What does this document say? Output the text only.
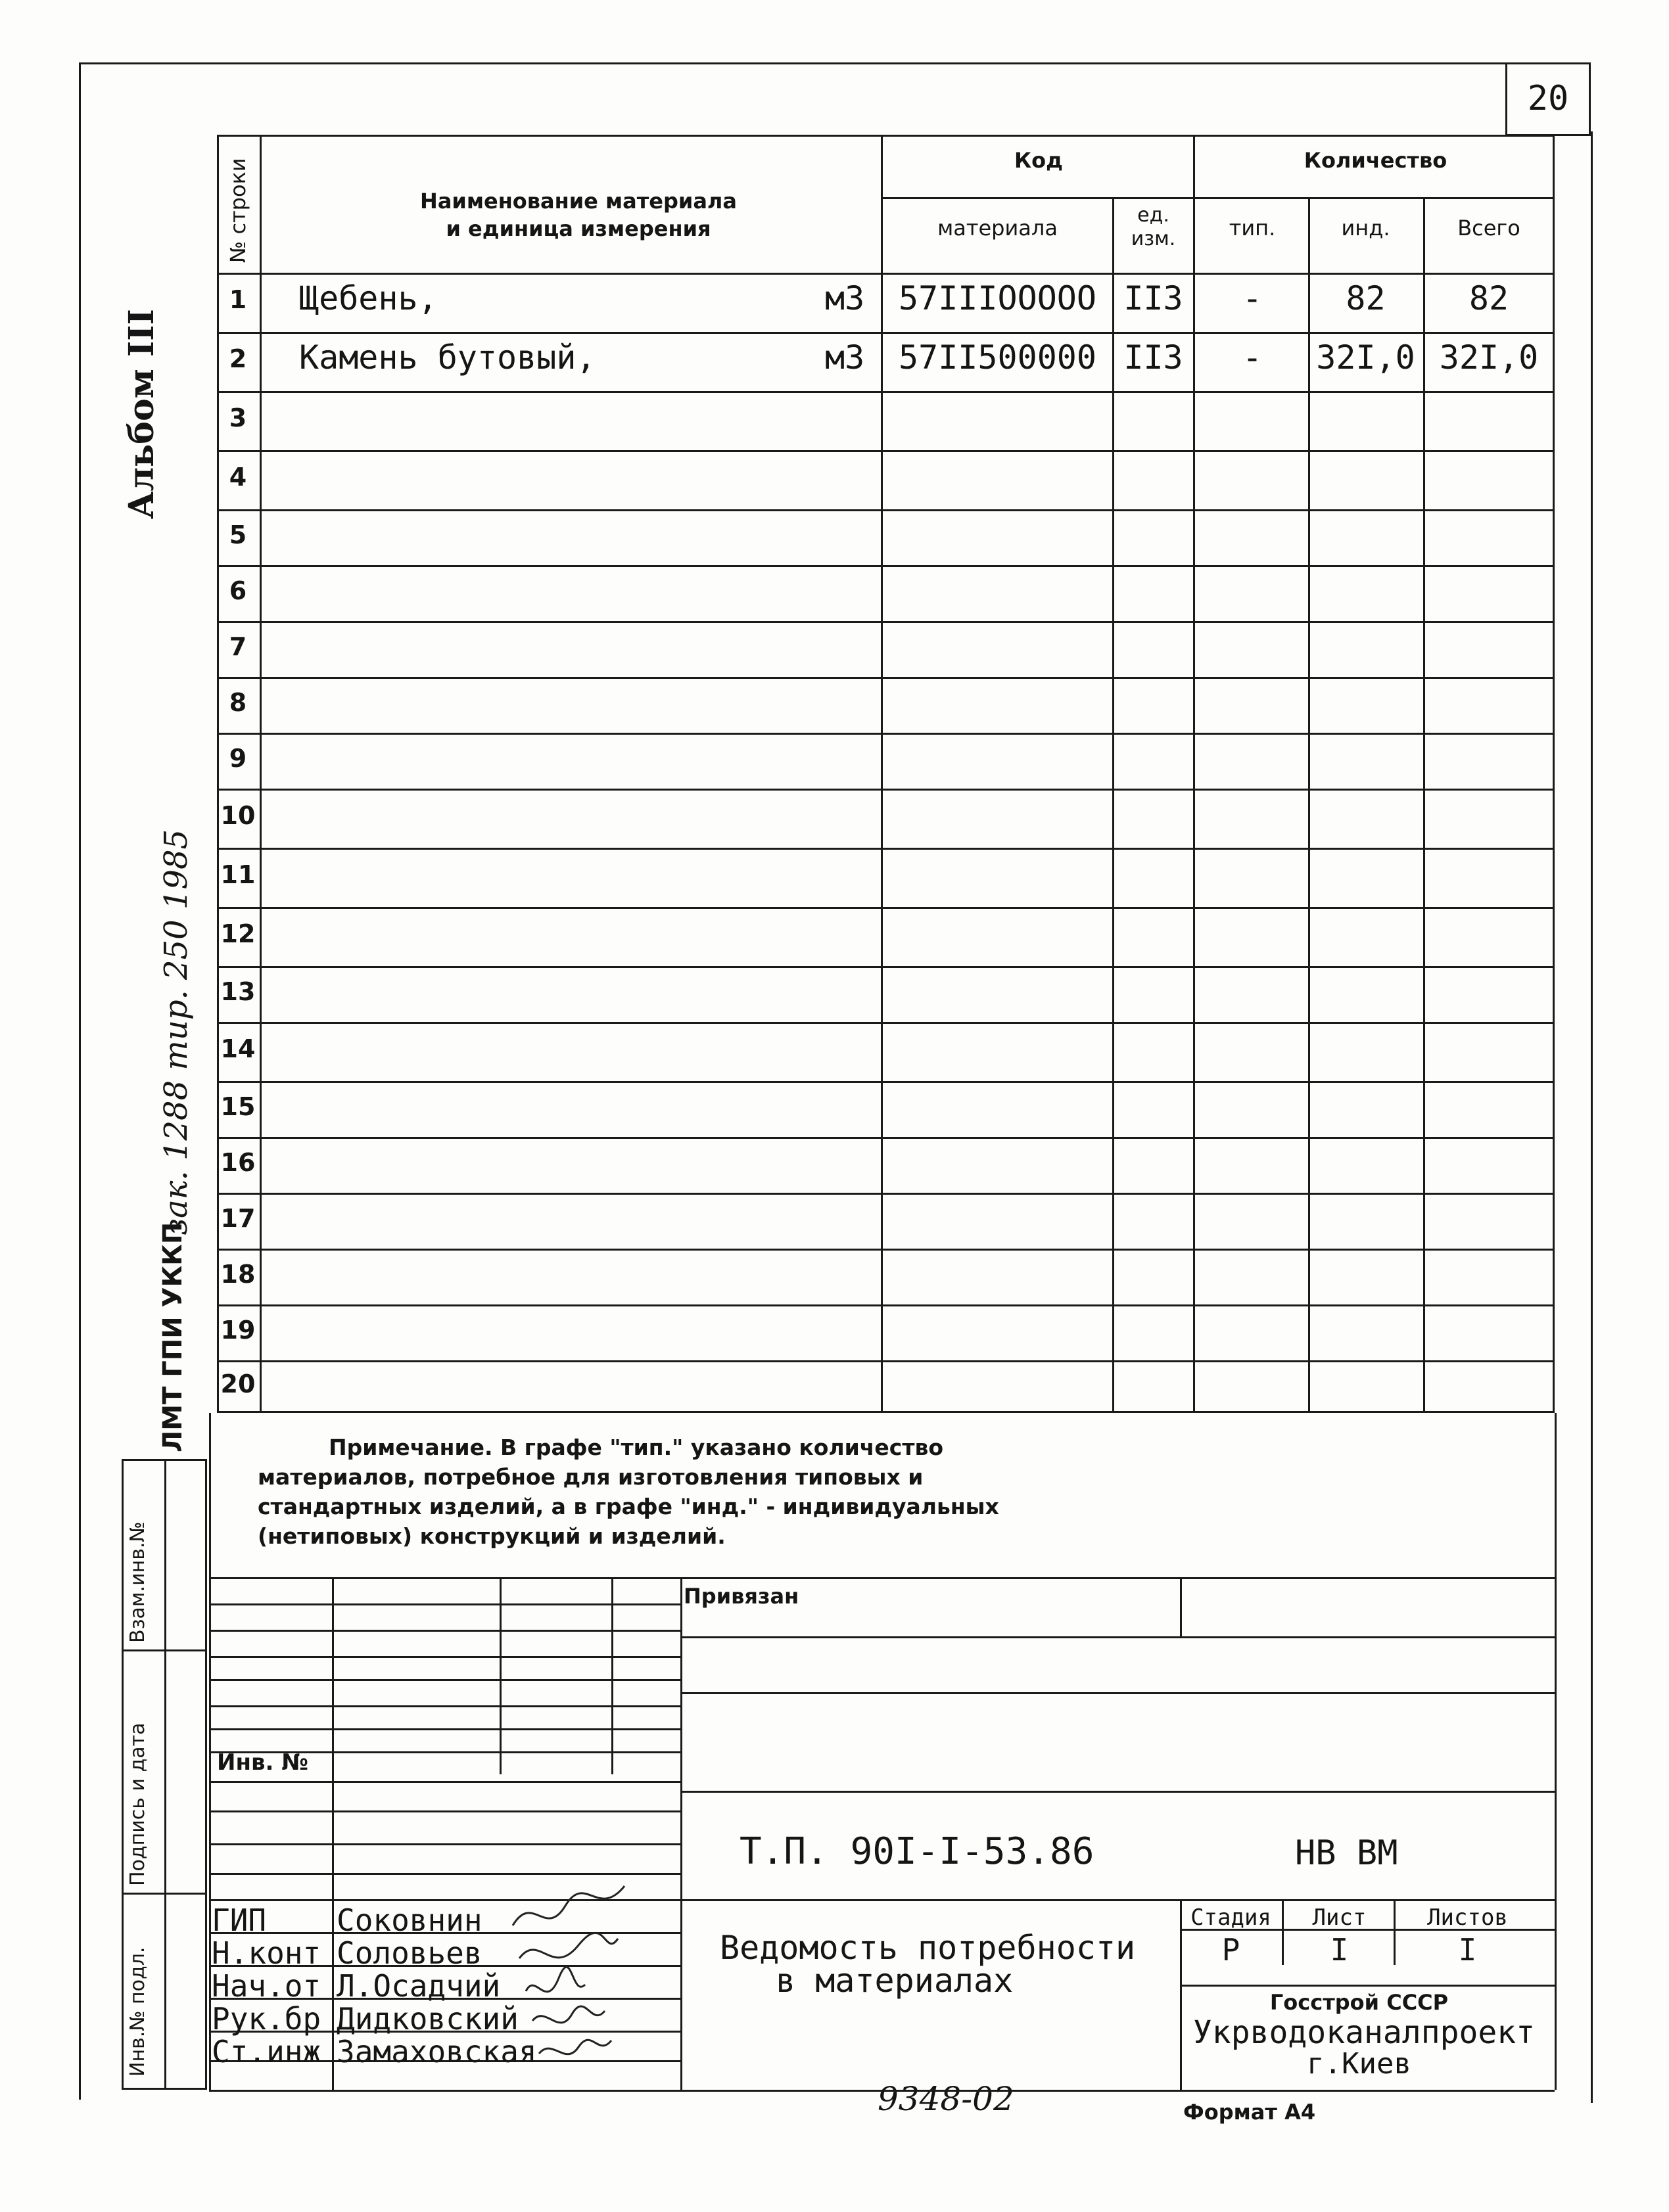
20
Альбом III
ЛМТ ГПИ УККП
зак. 1288 тир. 250 1985
Инв.№ подл.
Подпись и дата
Взам.инв.№
№ строки	Наименование материала
и единица измерения
Код
материала
ед. изм.
Количество
тип.	инд.	Всего
Примечание. В графе "тип." указано количество
материалов, потребное для изготовления типовых и
стандартных изделий, а в графе "инд." - индивидуальных
(нетиповых) конструкций и изделий.
Привязан
Инв. №
Т.П. 90I-I-53.86	НВ ВМ
Ведомость потребности
в материалах
Стадия	Лист	Листов
Р	I	I
Госстрой СССР
Укрводоканалпроект
г.Киев
9348-02	Формат А4
1	Щебень,	м3	57IIIOOOOO II3	-	82	82
2	Камень бутовый,	м3	57II500000 II3	-	32I,0 32I,0
3
4
5
6
7
8
9
10
11
12
13
14
15
16
17
18
19
20
ГИП Соковнин
Н.конт Соловьев
Нач.от Л.Осадчий
Рук.бр Дидковский
Ст.инж Замаховская
